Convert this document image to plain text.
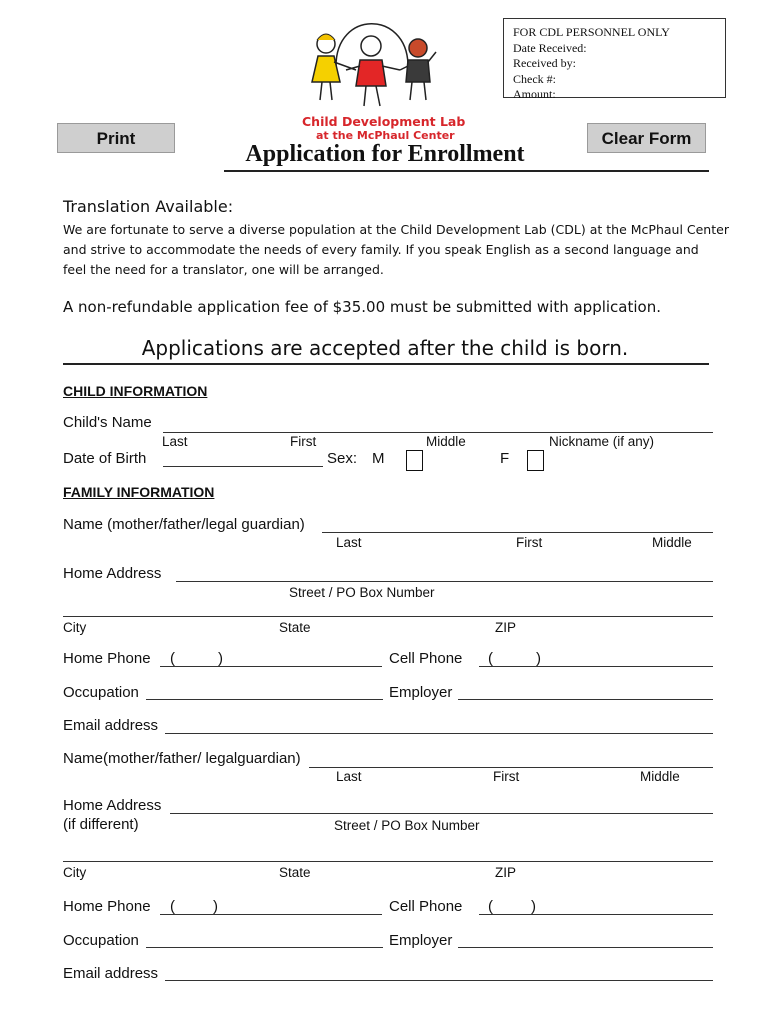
FOR CDL PERSONNEL ONLY
Date Received:
Received by:
Check #:
Amount:
Child Development Lab
at the McPhaul Center
Print	Clear Form
Application for Enrollment
Translation Available:
We are fortunate to serve a diverse population at the Child Development Lab (CDL) at the McPhaul Center
and strive to accommodate the needs of every family. If you speak English as a second language and
feel the need for a translator, one will be arranged.
A non-refundable application fee of $35.00 must be submitted with application.
Applications are accepted after the child is born.
CHILD INFORMATION
Child's Name
Last	First	Middle	Nickname (if any)
Date of Birth	Sex: M	F
FAMILY INFORMATION
Name (mother/father/legal guardian)
Last	First	Middle
Home Address
Street / PO Box Number
City	State	ZIP
Home Phone (	)	Cell Phone (	)
Occupation	Employer
Email address
Name(mother/father/ legalguardian)
Last	First	Middle
Home Address
(if different)	Street / PO Box Number
City	State	ZIP
Home Phone (	)	Cell Phone (	)
Occupation	Employer
Email address
